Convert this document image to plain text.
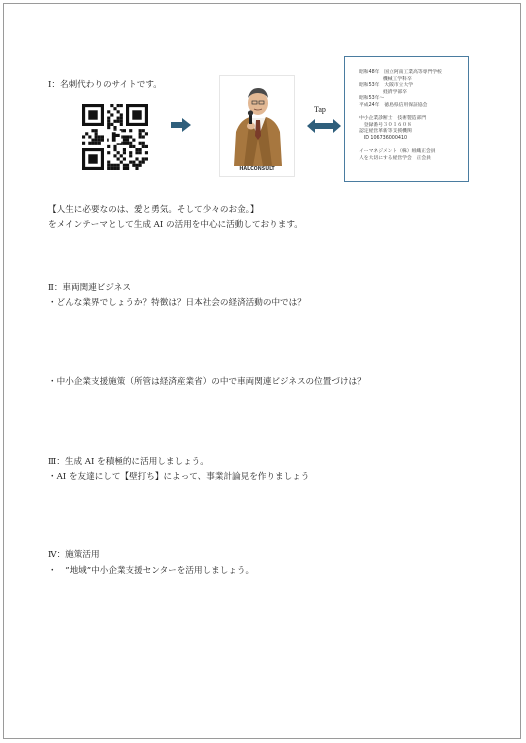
Ⅰ：名刺代わりのサイトです。
HALCONSULT
Tap
昭和48年　国立阿南工業高等専門学校
　　　　　機械工学科卒
昭和53年　大阪市立大学
　　　　　経済学部卒
昭和53年～
平成24年　徳島県信用保証協会
中小企業診断士　技術製造部門
　登録番号３０１６０８
認定経営革新等支援機関
　ID 106736000410
イーマネジメント（株）組織正会員
人を大切にする経営学会　正会員
【人生に必要なのは、愛と勇気。そして少々のお金。】
をメインテーマとして生成 AI の活用を中心に活動しております。
Ⅱ：車両関連ビジネス
・どんな業界でしょうか？特徴は？日本社会の経済活動の中では？
・中小企業支援施策（所管は経済産業省）の中で車両関連ビジネスの位置づけは？
Ⅲ：生成 AI を積極的に活用しましょう。
・AI を友達にして【壁打ち】によって、事業計論見を作りましょう
Ⅳ：施策活用
・　”地域”中小企業支援センターを活用しましょう。
